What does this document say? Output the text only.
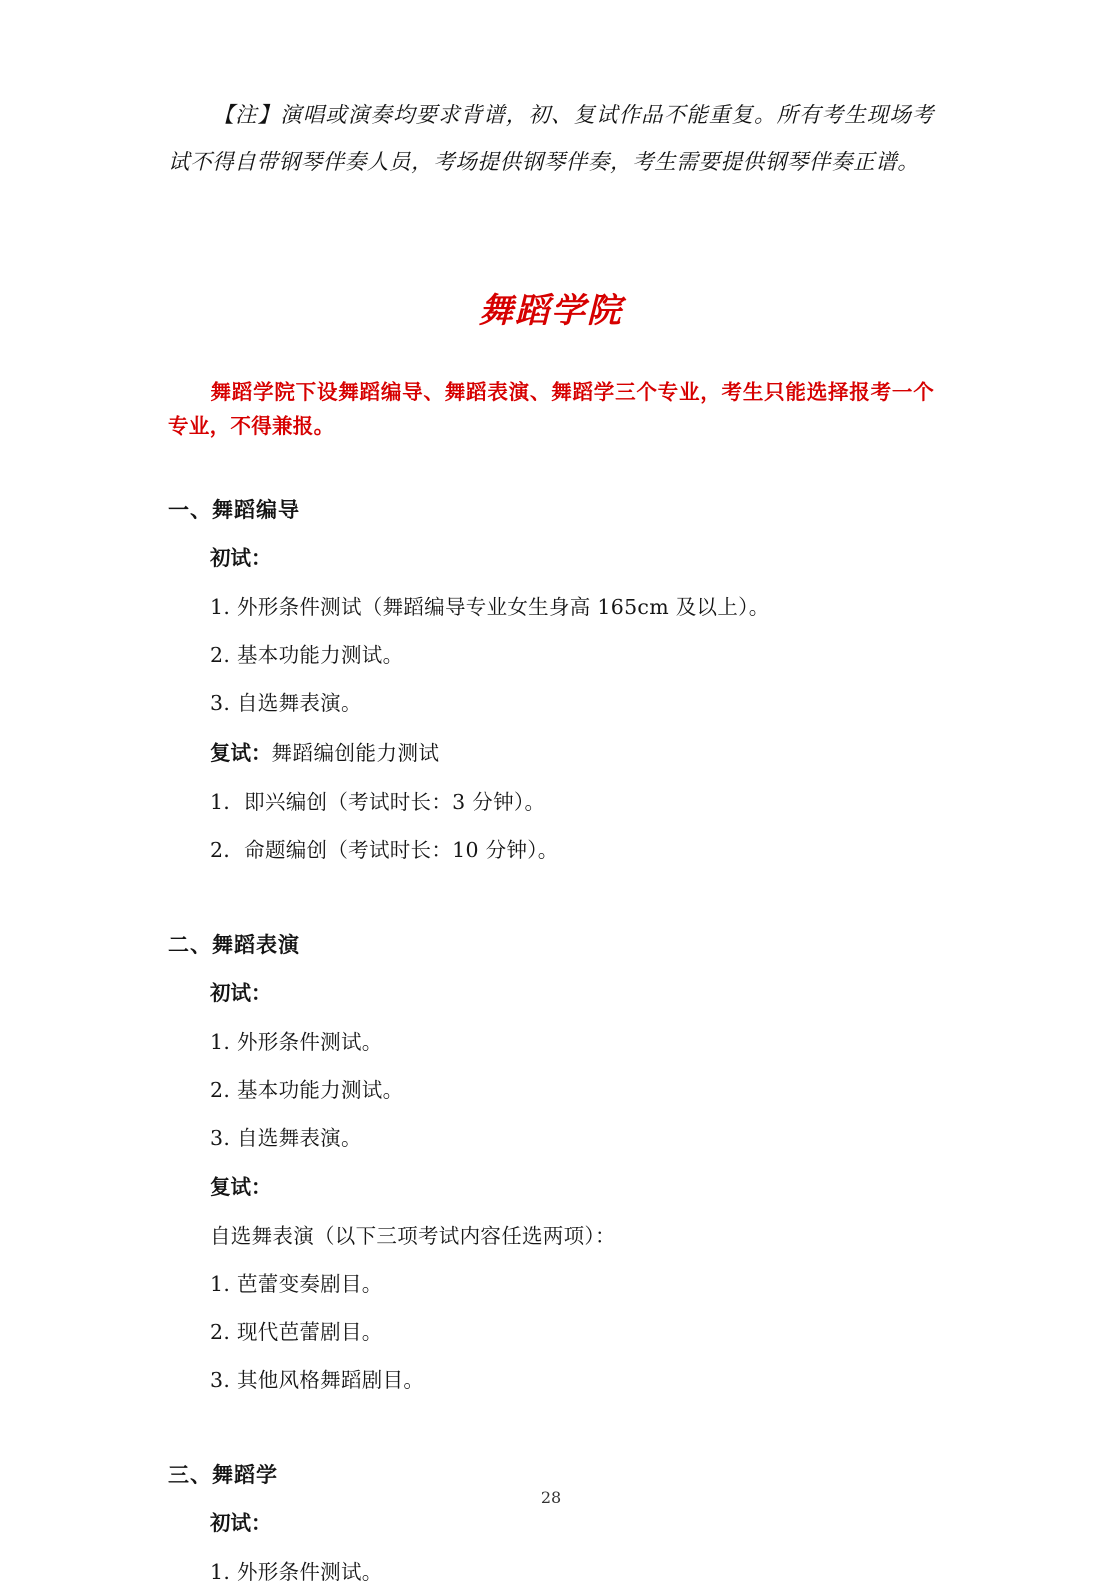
【注】演唱或演奏均要求背谱，初、复试作品不能重复。所有考生现场考试不得自带钢琴伴奏人员，考场提供钢琴伴奏，考生需要提供钢琴伴奏正谱。

舞蹈学院

舞蹈学院下设舞蹈编导、舞蹈表演、舞蹈学三个专业，考生只能选择报考一个专业，不得兼报。

一、舞蹈编导

初试：

1. 外形条件测试（舞蹈编导专业女生身高 165cm 及以上）。

2. 基本功能力测试。

3. 自选舞表演。

复试：舞蹈编创能力测试

1．即兴编创（考试时长：3 分钟）。

2．命题编创（考试时长：10 分钟）。

二、舞蹈表演

初试：

1. 外形条件测试。

2. 基本功能力测试。

3. 自选舞表演。

复试：

自选舞表演（以下三项考试内容任选两项）：

1. 芭蕾变奏剧目。

2. 现代芭蕾剧目。

3. 其他风格舞蹈剧目。

三、舞蹈学

初试：

1. 外形条件测试。

28
